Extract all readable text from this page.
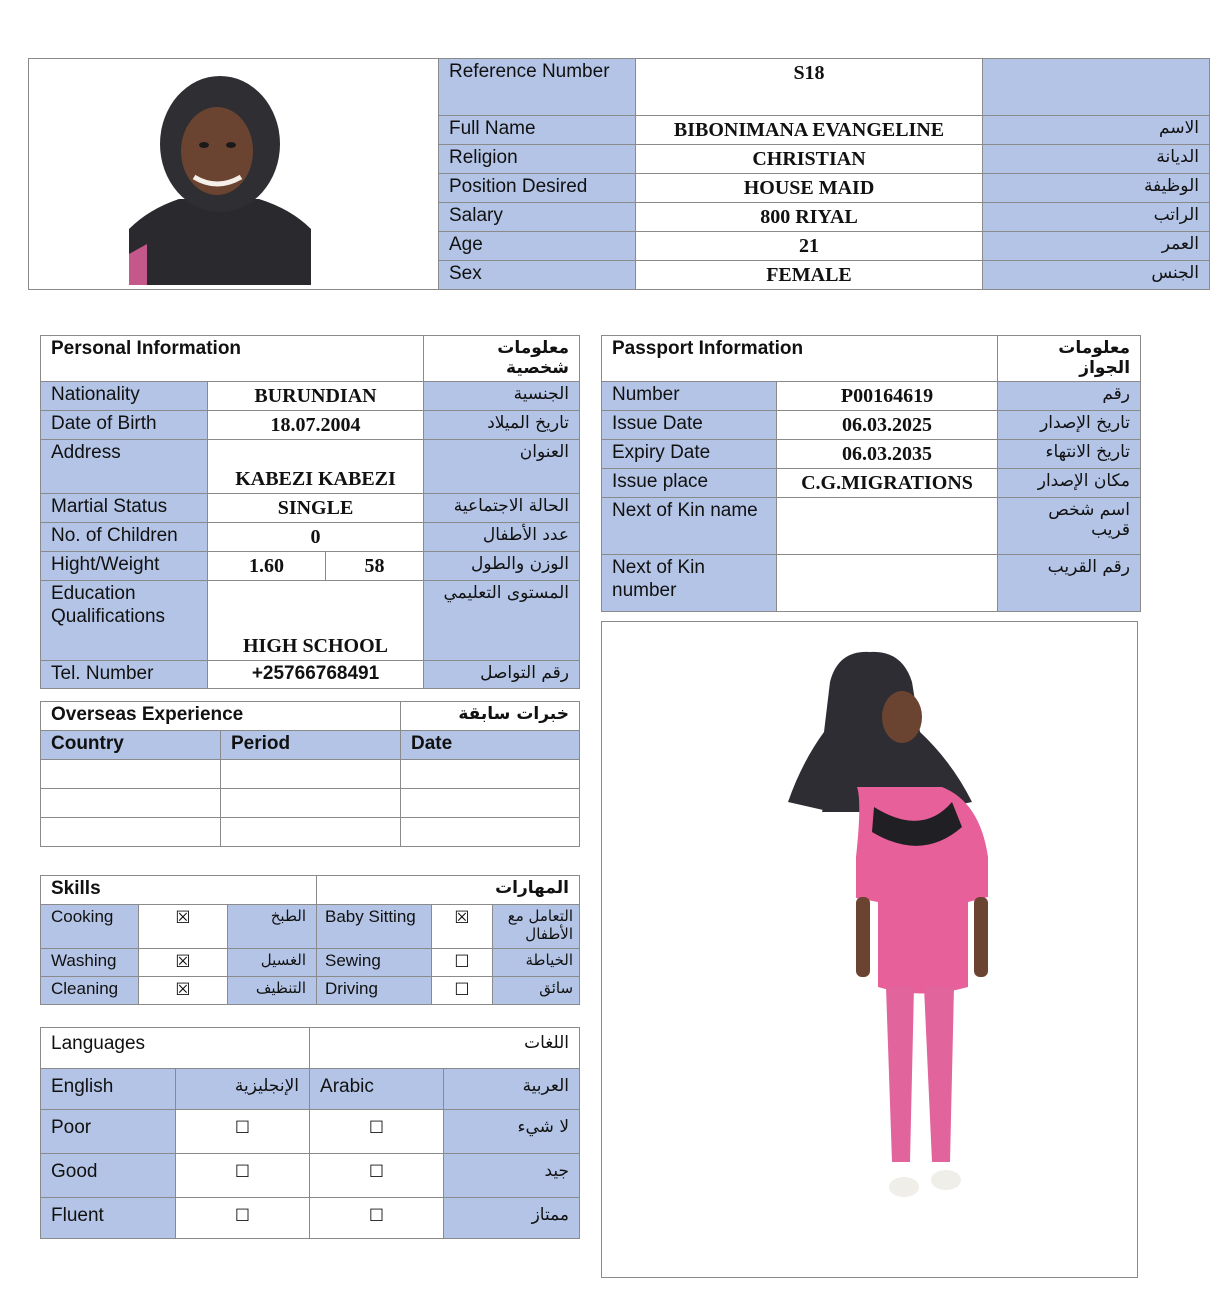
Reference Number	S18	
Full Name	BIBONIMANA EVANGELINE	الاسم
Religion	CHRISTIAN	الديانة
Position Desired	HOUSE MAID	الوظيفة
Salary	800 RIYAL	الراتب
Age	21	العمر
Sex	FEMALE	الجنس
Personal Information			معلومات شخصية
Nationality	BURUNDIAN		الجنسية
Date of Birth	18.07.2004		تاريخ الميلاد
Address	KABEZI KABEZI		العنوان
Martial Status	SINGLE		الحالة الاجتماعية
No. of Children	0		عدد الأطفال
Hight/Weight	1.60	58	الوزن والطول
Education Qualifications	HIGH SCHOOL		المستوى التعليمي
Tel. Number	+25766768491		رقم التواصل
Passport Information		معلومات الجواز
Number	P00164619	رقم
Issue Date	06.03.2025	تاريخ الإصدار
Expiry Date	06.03.2035	تاريخ الانتهاء
Issue place	C.G.MIGRATIONS	مكان الإصدار
Next of Kin name		اسم شخص قريب
Next of Kin number		رقم القريب
Overseas Experience		خبرات سابقة
Country	Period	Date

Skills			المهارات		
Cooking	☒	الطبخ	Baby Sitting	☒	التعامل مع الأطفال
Washing	☒	الغسيل	Sewing	☐	الخياطة
Cleaning	☒	التنظيف	Driving	☐	سائق
Languages		اللغات	
English	الإنجليزية	Arabic	العربية
Poor	☐	☐	لا شيء
Good	☐	☐	جيد
Fluent	☐	☐	ممتاز
